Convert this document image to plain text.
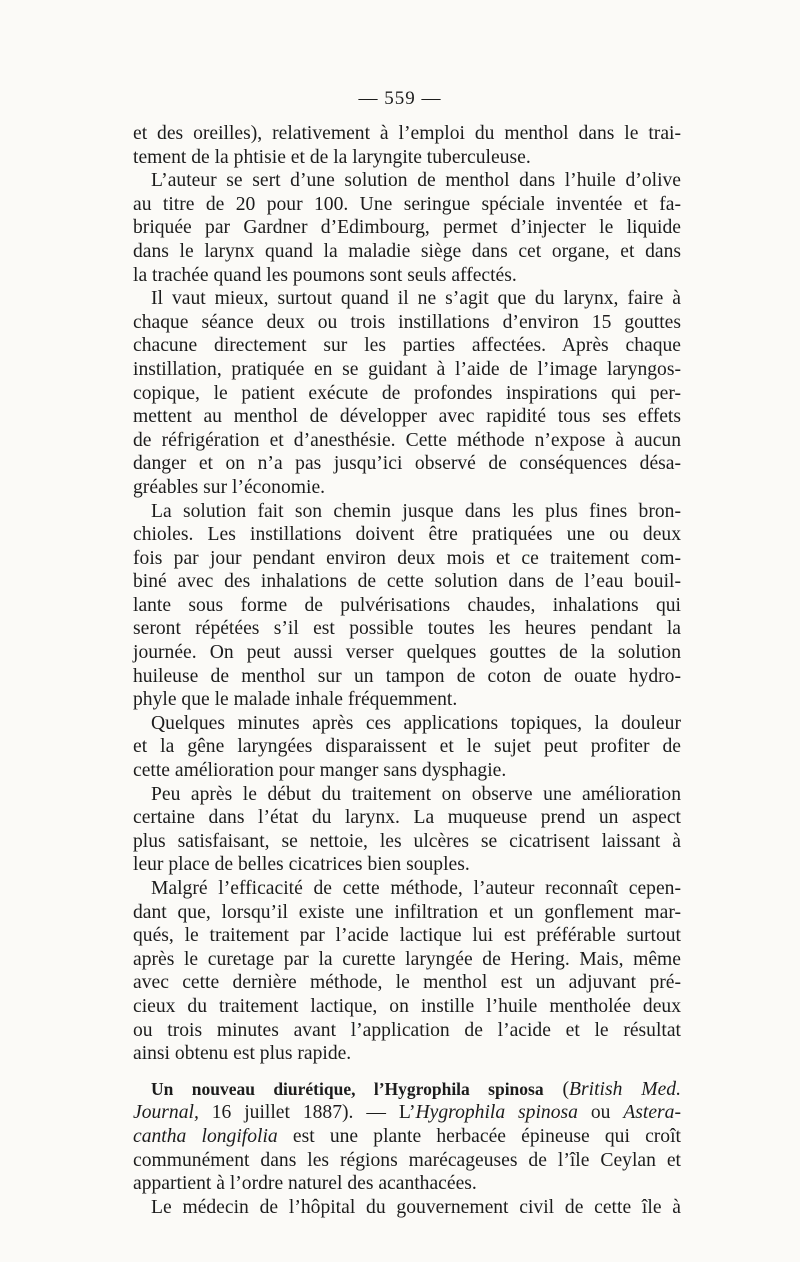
— 559 —
et des oreilles), relativement à l’emploi du menthol dans le trai-
tement de la phtisie et de la laryngite tuberculeuse.
L’auteur se sert d’une solution de menthol dans l’huile d’olive
au titre de 20 pour 100. Une seringue spéciale inventée et fa-
briquée par Gardner d’Edimbourg, permet d’injecter le liquide
dans le larynx quand la maladie siège dans cet organe, et dans
la trachée quand les poumons sont seuls affectés.
Il vaut mieux, surtout quand il ne s’agit que du larynx, faire à
chaque séance deux ou trois instillations d’environ 15 gouttes
chacune directement sur les parties affectées. Après chaque
instillation, pratiquée en se guidant à l’aide de l’image laryngos-
copique, le patient exécute de profondes inspirations qui per-
mettent au menthol de développer avec rapidité tous ses effets
de réfrigération et d’anesthésie. Cette méthode n’expose à aucun
danger et on n’a pas jusqu’ici observé de conséquences désa-
gréables sur l’économie.
La solution fait son chemin jusque dans les plus fines bron-
chioles. Les instillations doivent être pratiquées une ou deux
fois par jour pendant environ deux mois et ce traitement com-
biné avec des inhalations de cette solution dans de l’eau bouil-
lante sous forme de pulvérisations chaudes, inhalations qui
seront répétées s’il est possible toutes les heures pendant la
journée. On peut aussi verser quelques gouttes de la solution
huileuse de menthol sur un tampon de coton de ouate hydro-
phyle que le malade inhale fréquemment.
Quelques minutes après ces applications topiques, la douleur
et la gêne laryngées disparaissent et le sujet peut profiter de
cette amélioration pour manger sans dysphagie.
Peu après le début du traitement on observe une amélioration
certaine dans l’état du larynx. La muqueuse prend un aspect
plus satisfaisant, se nettoie, les ulcères se cicatrisent laissant à
leur place de belles cicatrices bien souples.
Malgré l’efficacité de cette méthode, l’auteur reconnaît cepen-
dant que, lorsqu’il existe une infiltration et un gonflement mar-
qués, le traitement par l’acide lactique lui est préférable surtout
après le curetage par la curette laryngée de Hering. Mais, même
avec cette dernière méthode, le menthol est un adjuvant pré-
cieux du traitement lactique, on instille l’huile mentholée deux
ou trois minutes avant l’application de l’acide et le résultat
ainsi obtenu est plus rapide.
Un nouveau diurétique, l’Hygrophila spinosa (British Med.
Journal, 16 juillet 1887). — L’Hygrophila spinosa ou Astera-
cantha longifolia est une plante herbacée épineuse qui croît
communément dans les régions marécageuses de l’île Ceylan et
appartient à l’ordre naturel des acanthacées.
Le médecin de l’hôpital du gouvernement civil de cette île à
